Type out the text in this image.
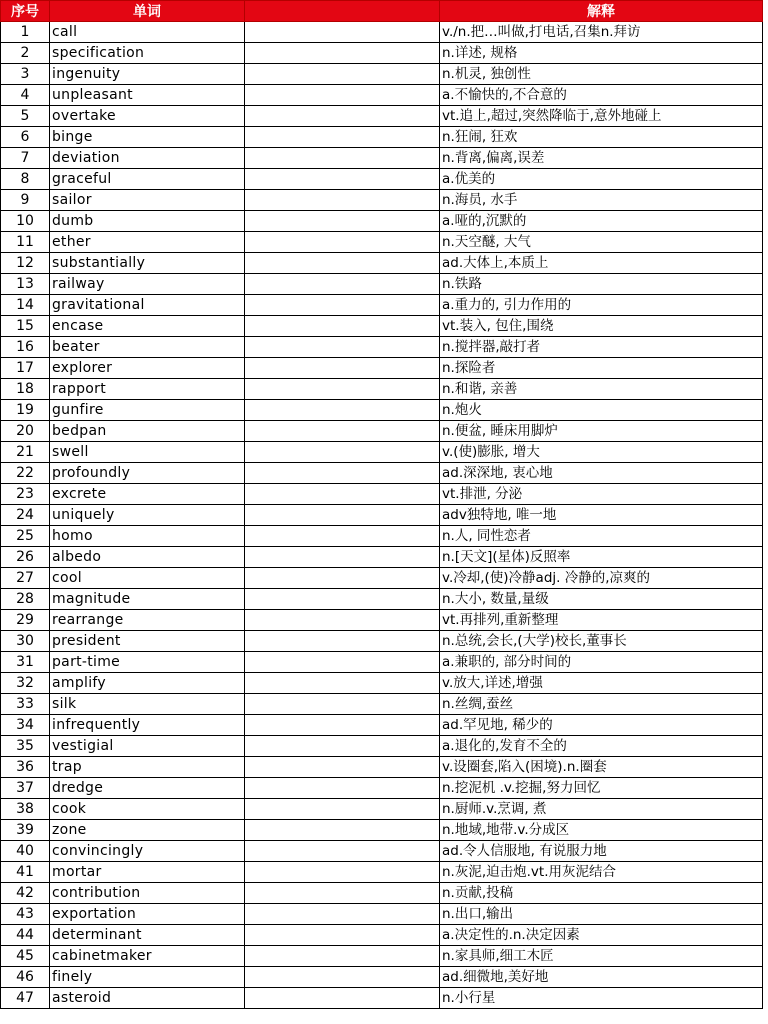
序号	单词		解释
1	call		v./n.把…叫做,打电话,召集n.拜访
2	specification		n.详述, 规格
3	ingenuity		n.机灵, 独创性
4	unpleasant		a.不愉快的,不合意的
5	overtake		vt.追上,超过,突然降临于,意外地碰上
6	binge		n.狂闹, 狂欢
7	deviation		n.背离,偏离,误差
8	graceful		a.优美的
9	sailor		n.海员, 水手
10	dumb		a.哑的,沉默的
11	ether		n.天空醚, 大气
12	substantially		ad.大体上,本质上
13	railway		n.铁路
14	gravitational		a.重力的, 引力作用的
15	encase		vt.装入, 包住,围绕
16	beater		n.搅拌器,敲打者
17	explorer		n.探险者
18	rapport		n.和谐, 亲善
19	gunfire		n.炮火
20	bedpan		n.便盆, 睡床用脚炉
21	swell		v.(使)膨胀, 增大
22	profoundly		ad.深深地, 衷心地
23	excrete		vt.排泄, 分泌
24	uniquely		adv独特地, 唯一地
25	homo		n.人, 同性恋者
26	albedo		n.[天文](星体)反照率
27	cool		v.冷却,(使)冷静adj. 冷静的,凉爽的
28	magnitude		n.大小, 数量,量级
29	rearrange		vt.再排列,重新整理
30	president		n.总统,会长,(大学)校长,董事长
31	part-time		a.兼职的, 部分时间的
32	amplify		v.放大,详述,增强
33	silk		n.丝绸,蚕丝
34	infrequently		ad.罕见地, 稀少的
35	vestigial		a.退化的,发育不全的
36	trap		v.设圈套,陷入(困境).n.圈套
37	dredge		n.挖泥机 .v.挖掘,努力回忆
38	cook		n.厨师.v.烹调, 煮
39	zone		n.地域,地带.v.分成区
40	convincingly		ad.令人信服地, 有说服力地
41	mortar		n.灰泥,迫击炮.vt.用灰泥结合
42	contribution		n.贡献,投稿
43	exportation		n.出口,输出
44	determinant		a.决定性的.n.决定因素
45	cabinetmaker		n.家具师,细工木匠
46	finely		ad.细微地,美好地
47	asteroid		n.小行星
